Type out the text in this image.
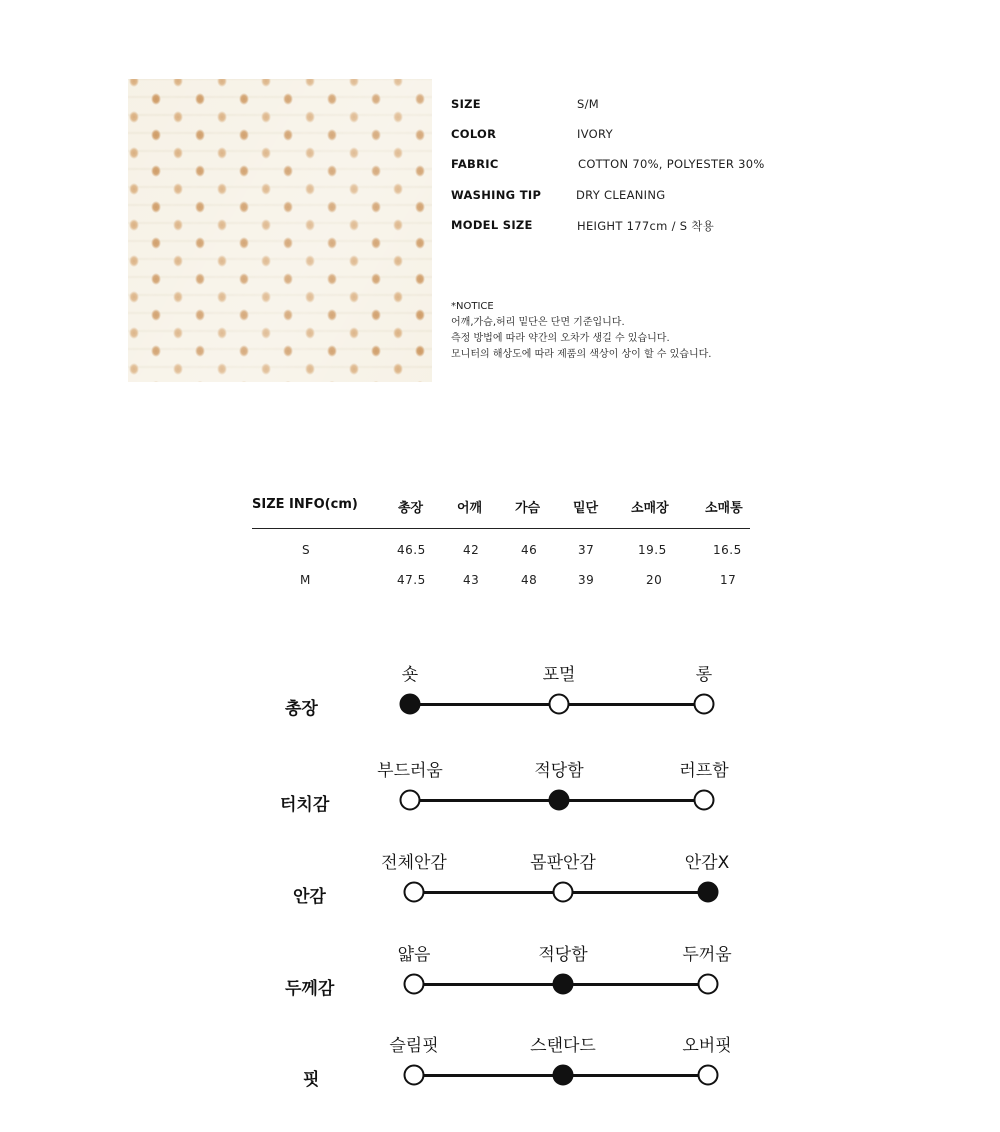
SIZE	S/M
COLOR	IVORY
FABRIC	COTTON 70%, POLYESTER 30%
WASHING TIP	DRY CLEANING
MODEL SIZE	HEIGHT 177cm / S 착용
*NOTICE
어깨,가슴,허리 밑단은 단면 기준입니다.
측정 방법에 따라 약간의 오차가 생길 수 있습니다.
모니터의 해상도에 따라 제품의 색상이 상이 할 수 있습니다.
SIZE INFO(cm)	총장	어깨	가슴	밑단	소매장	소매통
S	46.5	42	46	37	19.5	16.5
M	47.5	43	48	39	20	17
총장
숏	포멀	롱
터치감
부드러움	적당함	러프함
안감
전체안감	몸판안감	안감X
두께감
얇음	적당함	두꺼움
핏
슬림핏	스탠다드	오버핏
